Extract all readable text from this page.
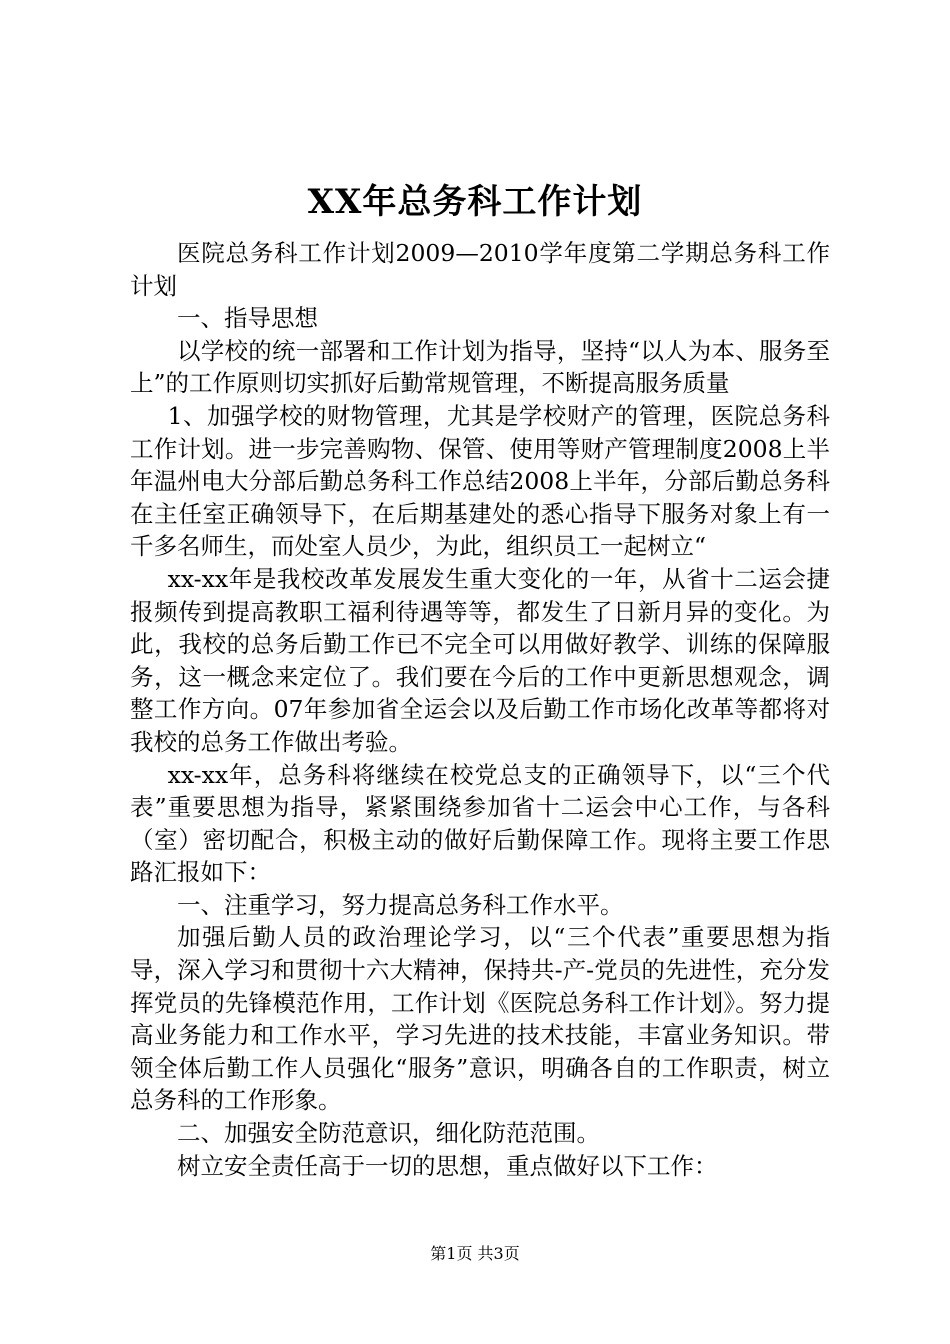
XX年总务科工作计划

医院总务科工作计划2009—2010学年度第二学期总务科工作计划

一、指导思想

以学校的统一部署和工作计划为指导，坚持“以人为本、服务至上”的工作原则切实抓好后勤常规管理，不断提高服务质量

1、加强学校的财物管理，尤其是学校财产的管理，医院总务科工作计划。进一步完善购物、保管、使用等财产管理制度2008上半年温州电大分部后勤总务科工作总结2008上半年，分部后勤总务科在主任室正确领导下，在后期基建处的悉心指导下服务对象上有一千多名师生，而处室人员少，为此，组织员工一起树立“

xx-xx年是我校改革发展发生重大变化的一年，从省十二运会捷报频传到提高教职工福利待遇等等，都发生了日新月异的变化。为此，我校的总务后勤工作已不完全可以用做好教学、训练的保障服务，这一概念来定位了。我们要在今后的工作中更新思想观念，调整工作方向。07年参加省全运会以及后勤工作市场化改革等都将对我校的总务工作做出考验。

xx-xx年，总务科将继续在校党总支的正确领导下，以“三个代表”重要思想为指导，紧紧围绕参加省十二运会中心工作，与各科（室）密切配合，积极主动的做好后勤保障工作。现将主要工作思路汇报如下：

一、注重学习，努力提高总务科工作水平。

加强后勤人员的政治理论学习，以“三个代表”重要思想为指导，深入学习和贯彻十六大精神，保持共-产-党员的先进性，充分发挥党员的先锋模范作用，工作计划《医院总务科工作计划》。努力提高业务能力和工作水平，学习先进的技术技能，丰富业务知识。带领全体后勤工作人员强化“服务”意识，明确各自的工作职责，树立总务科的工作形象。

二、加强安全防范意识，细化防范范围。

树立安全责任高于一切的思想，重点做好以下工作：

第1页 共3页
